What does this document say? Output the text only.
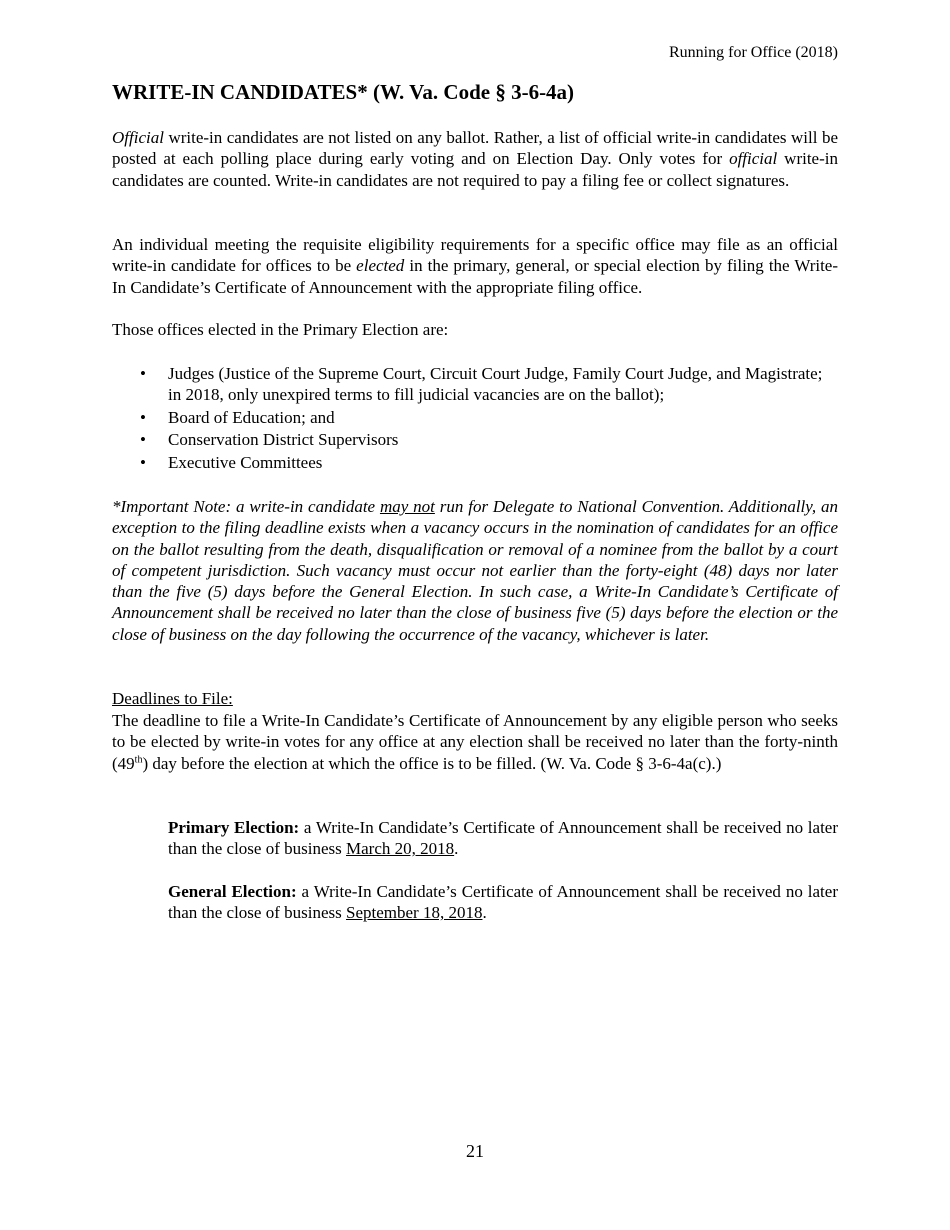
Running for Office (2018)
WRITE-IN CANDIDATES* (W. Va. Code § 3-6-4a)

Official write-in candidates are not listed on any ballot. Rather, a list of official write-in candidates will be posted at each polling place during early voting and on Election Day. Only votes for official write-in candidates are counted. Write-in candidates are not required to pay a filing fee or collect signatures.

An individual meeting the requisite eligibility requirements for a specific office may file as an official write-in candidate for offices to be elected in the primary, general, or special election by filing the Write-In Candidate’s Certificate of Announcement with the appropriate filing office.

Those offices elected in the Primary Election are:

• Judges (Justice of the Supreme Court, Circuit Court Judge, Family Court Judge, and Magistrate; in 2018, only unexpired terms to fill judicial vacancies are on the ballot);
• Board of Education; and
• Conservation District Supervisors
• Executive Committees

*Important Note: a write-in candidate may not run for Delegate to National Convention. Additionally, an exception to the filing deadline exists when a vacancy occurs in the nomination of candidates for an office on the ballot resulting from the death, disqualification or removal of a nominee from the ballot by a court of competent jurisdiction. Such vacancy must occur not earlier than the forty-eight (48) days nor later than the five (5) days before the General Election. In such case, a Write-In Candidate’s Certificate of Announcement shall be received no later than the close of business five (5) days before the election or the close of business on the day following the occurrence of the vacancy, whichever is later.

Deadlines to File:

The deadline to file a Write-In Candidate’s Certificate of Announcement by any eligible person who seeks to be elected by write-in votes for any office at any election shall be received no later than the forty-ninth (49th) day before the election at which the office is to be filled. (W. Va. Code § 3-6-4a(c).)

Primary Election: a Write-In Candidate’s Certificate of Announcement shall be received no later than the close of business March 20, 2018.

General Election: a Write-In Candidate’s Certificate of Announcement shall be received no later than the close of business September 18, 2018.

21
